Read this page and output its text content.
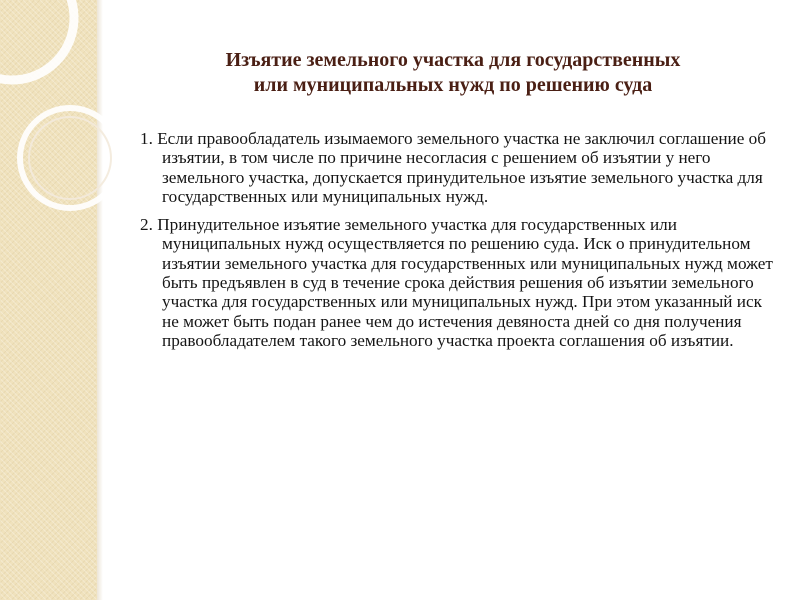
Изъятие земельного участка для государственных
или муниципальных нужд по решению суда

1. Если правообладатель изымаемого земельного участка не заключил соглашение об изъятии, в том числе по причине несогласия с решением об изъятии у него земельного участка, допускается принудительное изъятие земельного участка для государственных или муниципальных нужд.

2. Принудительное изъятие земельного участка для государственных или муниципальных нужд осуществляется по решению суда. Иск о принудительном изъятии земельного участка для государственных или муниципальных нужд может быть предъявлен в суд в течение срока действия решения об изъятии земельного участка для государственных или муниципальных нужд. При этом указанный иск не может быть подан ранее чем до истечения девяноста дней со дня получения правообладателем такого земельного участка проекта соглашения об изъятии.
